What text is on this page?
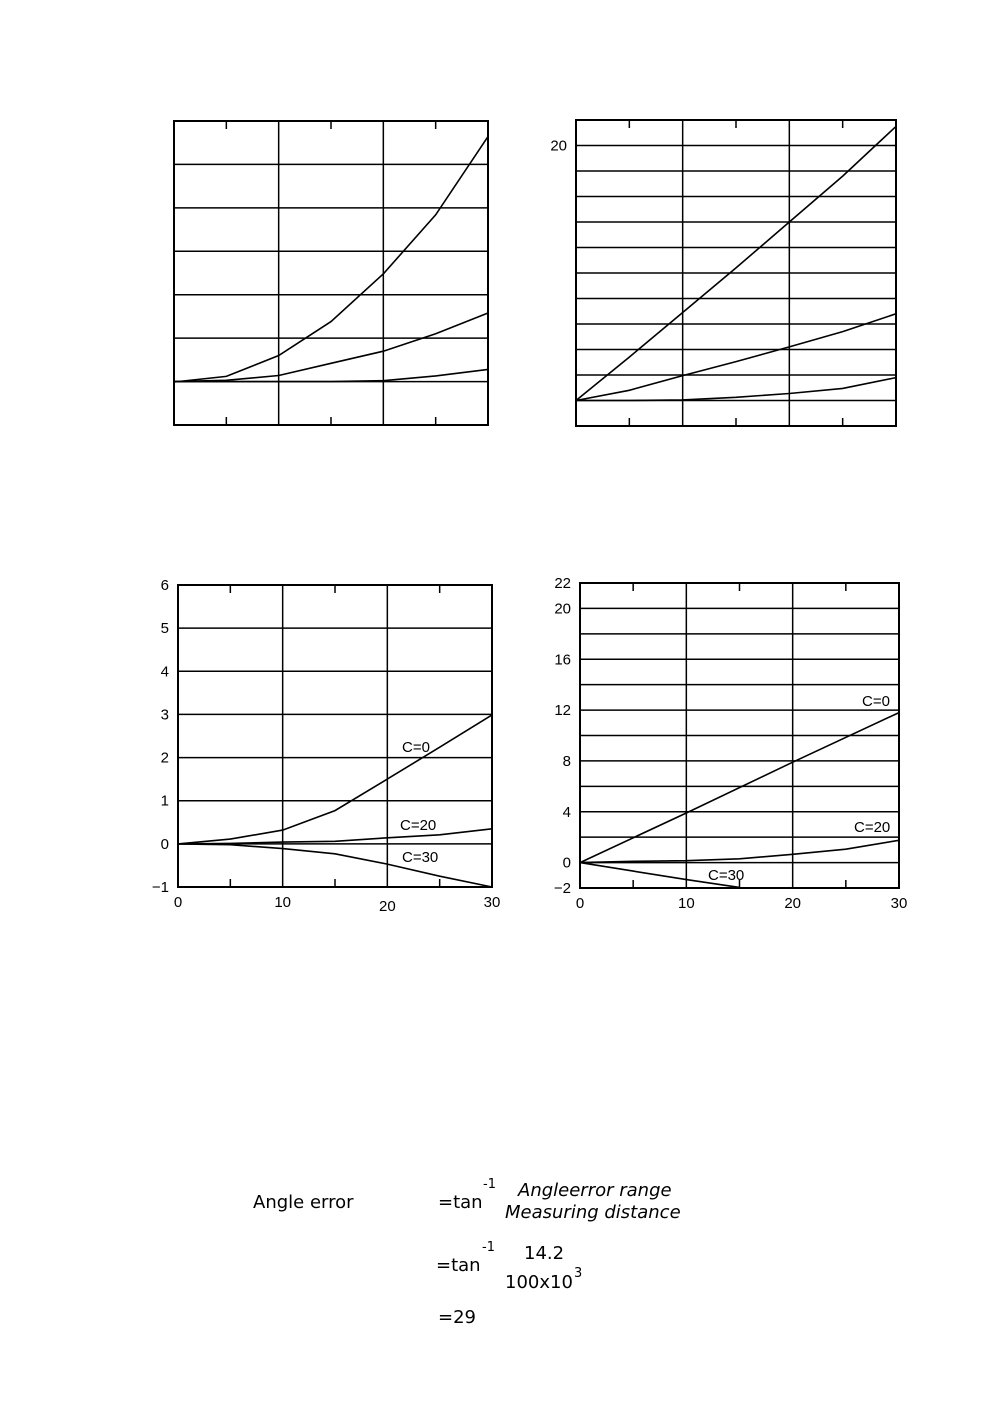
20
6
5
4
3
2
1
0
−1
0	10	20	30
C=0
C=20
C=30
22
20
16
12
8
4
0
−2
0	10	20	30
C=0
C=20
C=30
Angle error	=tan
-1 Angleerror range
Measuring distance
=tan
-1 14.2
100x10 3
=29
